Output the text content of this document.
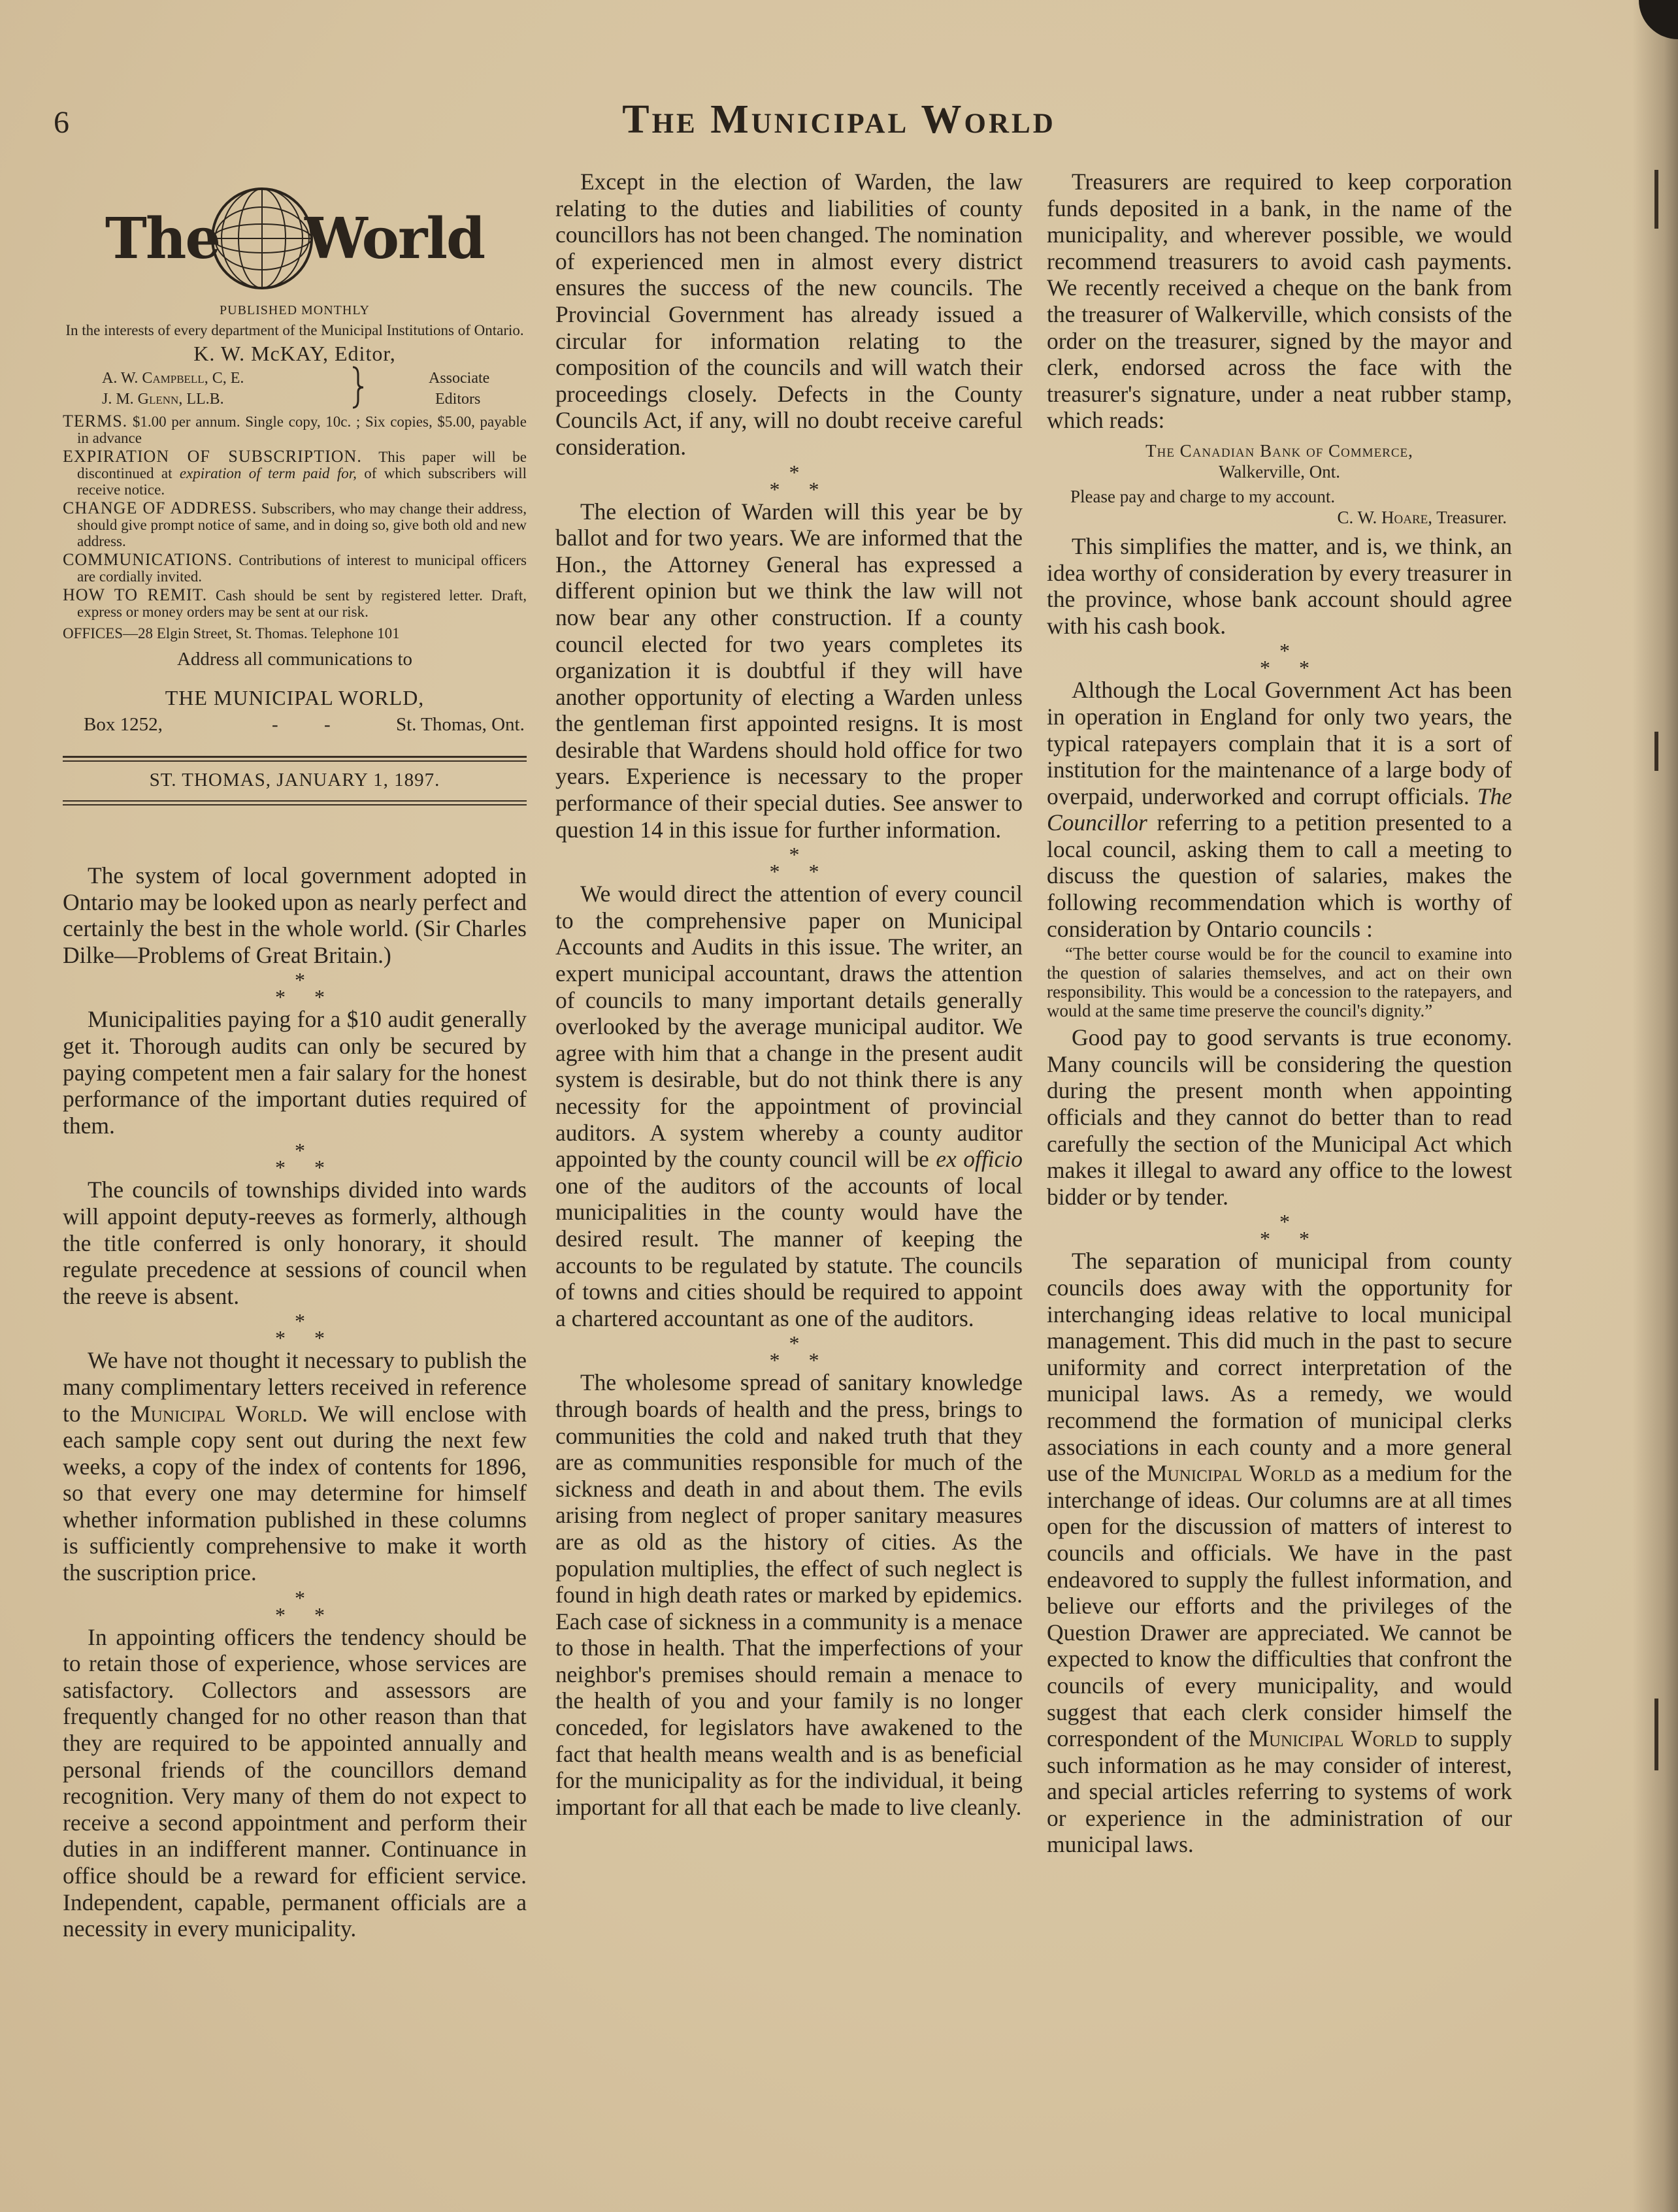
6	The Municipal World
The World
PUBLISHED MONTHLY
In the interests of every department of the Municipal Institutions of Ontario.
K. W. McKAY, Editor,
A. W. Campbell, C, E.
J. M. Glenn, LL.B.
Associate
Editors

TERMS. $1.00 per annum. Single copy, 10c. ; Six copies, $5.00, payable in advance

EXPIRATION OF SUBSCRIPTION. This paper will be discontinued at expiration of term paid for, of which subscribers will receive notice.

CHANGE OF ADDRESS. Subscribers, who may change their address, should give prompt notice of same, and in doing so, give both old and new address.

COMMUNICATIONS. Contributions of interest to municipal officers are cordially invited.

HOW TO REMIT. Cash should be sent by registered letter. Draft, express or money orders may be sent at our risk.

OFFICES—28 Elgin Street, St. Thomas. Telephone 101
Address all communications to
THE MUNICIPAL WORLD,
Box 1252,	- -	St. Thomas, Ont.
ST. THOMAS, JANUARY 1, 1897.

The system of local government adopted in Ontario may be looked upon as nearly perfect and certainly the best in the whole world. (Sir Charles Dilke—Problems of Great Britain.)

*
* *

Municipalities paying for a $10 audit generally get it. Thorough audits can only be secured by paying competent men a fair salary for the honest performance of the important duties required of them.

*
* *

The councils of townships divided into wards will appoint deputy-reeves as formerly, although the title conferred is only honorary, it should regulate precedence at sessions of council when the reeve is absent.

*
* *

We have not thought it necessary to publish the many complimentary letters received in reference to the Municipal World. We will enclose with each sample copy sent out during the next few weeks, a copy of the index of contents for 1896, so that every one may determine for himself whether information published in these columns is sufficiently comprehensive to make it worth the suscription price.

*
* *

In appointing officers the tendency should be to retain those of experience, whose services are satisfactory. Collectors and assessors are frequently changed for no other reason than that they are required to be appointed annually and personal friends of the councillors demand recognition. Very many of them do not expect to receive a second appointment and perform their duties in an indifferent manner. Continuance in office should be a reward for efficient service. Independent, capable, permanent officials are a necessity in every municipality.

Except in the election of Warden, the law relating to the duties and liabilities of county councillors has not been changed. The nomination of experienced men in almost every district ensures the success of the new councils. The Provincial Government has already issued a circular for information relating to the composition of the councils and will watch their proceedings closely. Defects in the County Councils Act, if any, will no doubt receive careful consideration.

*
* *

The election of Warden will this year be by ballot and for two years. We are informed that the Hon., the Attorney General has expressed a different opinion but we think the law will not now bear any other construction. If a county council elected for two years completes its organization it is doubtful if they will have another opportunity of electing a Warden unless the gentleman first appointed resigns. It is most desirable that Wardens should hold office for two years. Experience is necessary to the proper performance of their special duties. See answer to question 14 in this issue for further information.

*
* *

We would direct the attention of every council to the comprehensive paper on Municipal Accounts and Audits in this issue. The writer, an expert municipal accountant, draws the attention of councils to many important details generally overlooked by the average municipal auditor. We agree with him that a change in the present audit system is desirable, but do not think there is any necessity for the appointment of provincial auditors. A system whereby a county auditor appointed by the county council will be ex officio one of the auditors of the accounts of local municipalities in the county would have the desired result. The manner of keeping the accounts to be regulated by statute. The councils of towns and cities should be required to appoint a chartered accountant as one of the auditors.

*
* *

The wholesome spread of sanitary knowledge through boards of health and the press, brings to communities the cold and naked truth that they are as communities responsible for much of the sickness and death in and about them. The evils arising from neglect of proper sanitary measures are as old as the history of cities. As the population multiplies, the effect of such neglect is found in high death rates or marked by epidemics. Each case of sickness in a community is a menace to those in health. That the imperfections of your neighbor's premises should remain a menace to the health of you and your family is no longer conceded, for legislators have awakened to the fact that health means wealth and is as beneficial for the municipality as for the individual, it being important for all that each be made to live cleanly.

Treasurers are required to keep corporation funds deposited in a bank, in the name of the municipality, and wherever possible, we would recommend treasurers to avoid cash payments. We recently received a cheque on the bank from the treasurer of Walkerville, which consists of the order on the treasurer, signed by the mayor and clerk, endorsed across the face with the treasurer's signature, under a neat rubber stamp, which reads:

The Canadian Bank of Commerce,
Walkerville, Ont.
Please pay and charge to my account.
C. W. Hoare, Treasurer.

This simplifies the matter, and is, we think, an idea worthy of consideration by every treasurer in the province, whose bank account should agree with his cash book.

*
* *

Although the Local Government Act has been in operation in England for only two years, the typical ratepayers complain that it is a sort of institution for the maintenance of a large body of overpaid, underworked and corrupt officials. The Councillor referring to a petition presented to a local council, asking them to call a meeting to discuss the question of salaries, makes the following recommendation which is worthy of consideration by Ontario councils :

“The better course would be for the council to examine into the question of salaries themselves, and act on their own responsibility. This would be a concession to the ratepayers, and would at the same time preserve the council's dignity.”

Good pay to good servants is true economy. Many councils will be considering the question during the present month when appointing officials and they cannot do better than to read carefully the section of the Municipal Act which makes it illegal to award any office to the lowest bidder or by tender.

*
* *

The separation of municipal from county councils does away with the opportunity for interchanging ideas relative to local municipal management. This did much in the past to secure uniformity and correct interpretation of the municipal laws. As a remedy, we would recommend the formation of municipal clerks associations in each county and a more general use of the Municipal World as a medium for the interchange of ideas. Our columns are at all times open for the discussion of matters of interest to councils and officials. We have in the past endeavored to supply the fullest information, and believe our efforts and the privileges of the Question Drawer are appreciated. We cannot be expected to know the difficulties that confront the councils of every municipality, and would suggest that each clerk consider himself the correspondent of the Municipal World to supply such information as he may consider of interest, and special articles referring to systems of work or experience in the administration of our municipal laws.
